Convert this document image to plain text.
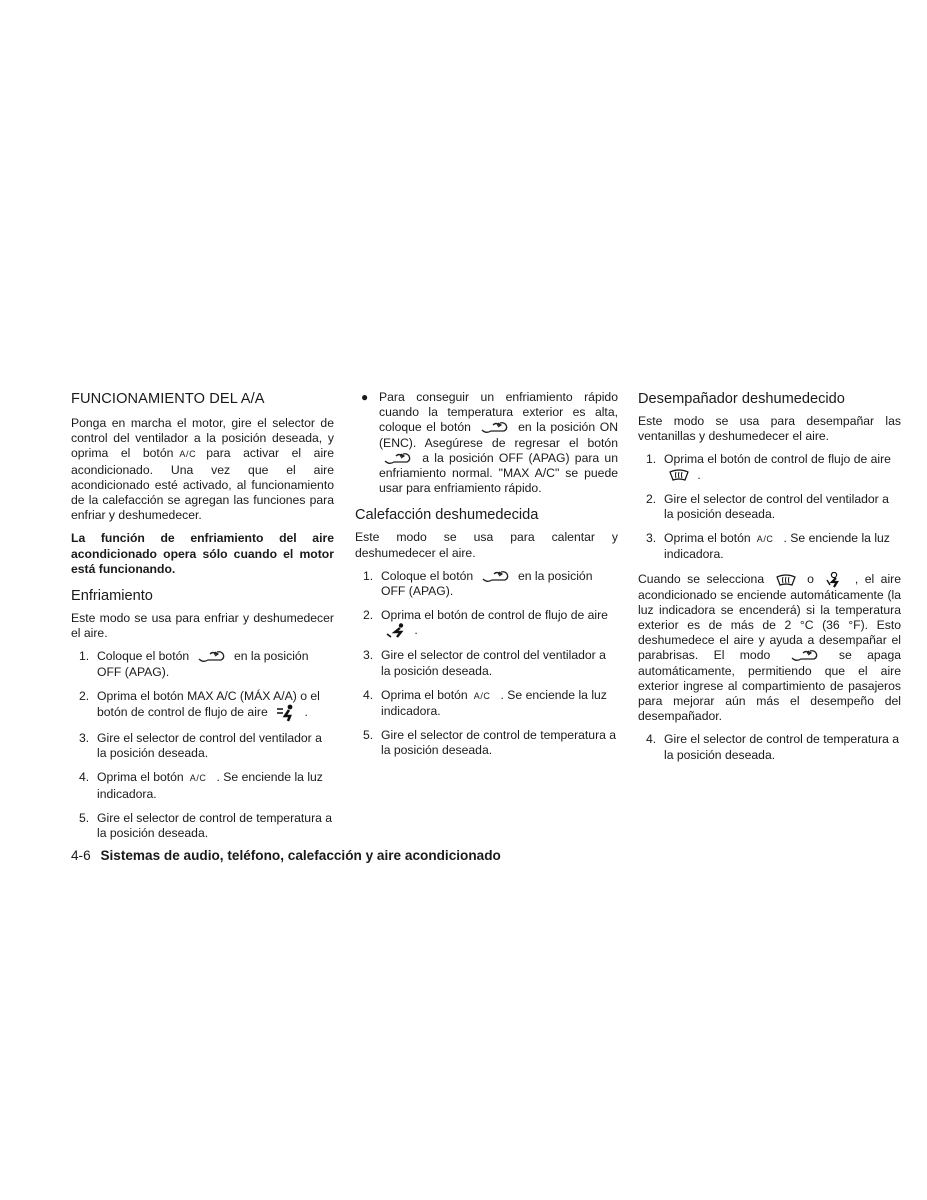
FUNCIONAMIENTO DEL A/A

Ponga en marcha el motor, gire el selector de control del ventilador a la posición deseada, y oprima el botón A/C para activar el aire acondicionado. Una vez que el aire acondicionado esté activado, al funcionamiento de la calefacción se agregan las funciones para enfriar y deshumedecer.

La función de enfriamiento del aire acondicionado opera sólo cuando el motor está funcionando.

Enfriamiento

Este modo se usa para enfriar y deshumedecer el aire.

1. Coloque el botón	en la posición OFF (APAG).
2. Oprima el botón MAX A/C (MÁX A/A) o el botón de control de flujo de aire	.
3. Gire el selector de control del ventilador a la posición deseada.
4. Oprima el botón A/C . Se enciende la luz indicadora.
5. Gire el selector de control de temperatura a la posición deseada.
● Para conseguir un enfriamiento rápido cuando la temperatura exterior es alta, coloque el botón	en la posición ON (ENC). Asegúrese de regresar el botón  a la posición OFF (APAG) para un enfriamiento normal. "MAX A/C" se puede usar para enfriamiento rápido.
Calefacción deshumedecida

Este modo se usa para calentar y deshumedecer el aire.

1. Coloque el botón	en la posición OFF (APAG).
2. Oprima el botón de control de flujo de aire  .
3. Gire el selector de control del ventilador a la posición deseada.
4. Oprima el botón A/C . Se enciende la luz indicadora.
5. Gire el selector de control de temperatura a la posición deseada.
Desempañador deshumedecido

Este modo se usa para desempañar las ventanillas y deshumedecer el aire.

1. Oprima el botón de control de flujo de aire  .
2. Gire el selector de control del ventilador a la posición deseada.
3. Oprima el botón A/C . Se enciende la luz indicadora.

Cuando se selecciona	o	, el aire acondicionado se enciende automáticamente (la luz indicadora se encenderá) si la temperatura exterior es de más de 2 °C (36 °F). Esto deshumedece el aire y ayuda a desempañar el parabrisas. El modo	se apaga automáticamente, permitiendo que el aire exterior ingrese al compartimiento de pasajeros para mejorar aún más el desempeño del desempañador.

4. Gire el selector de control de temperatura a la posición deseada.
4-6 Sistemas de audio, teléfono, calefacción y aire acondicionado
